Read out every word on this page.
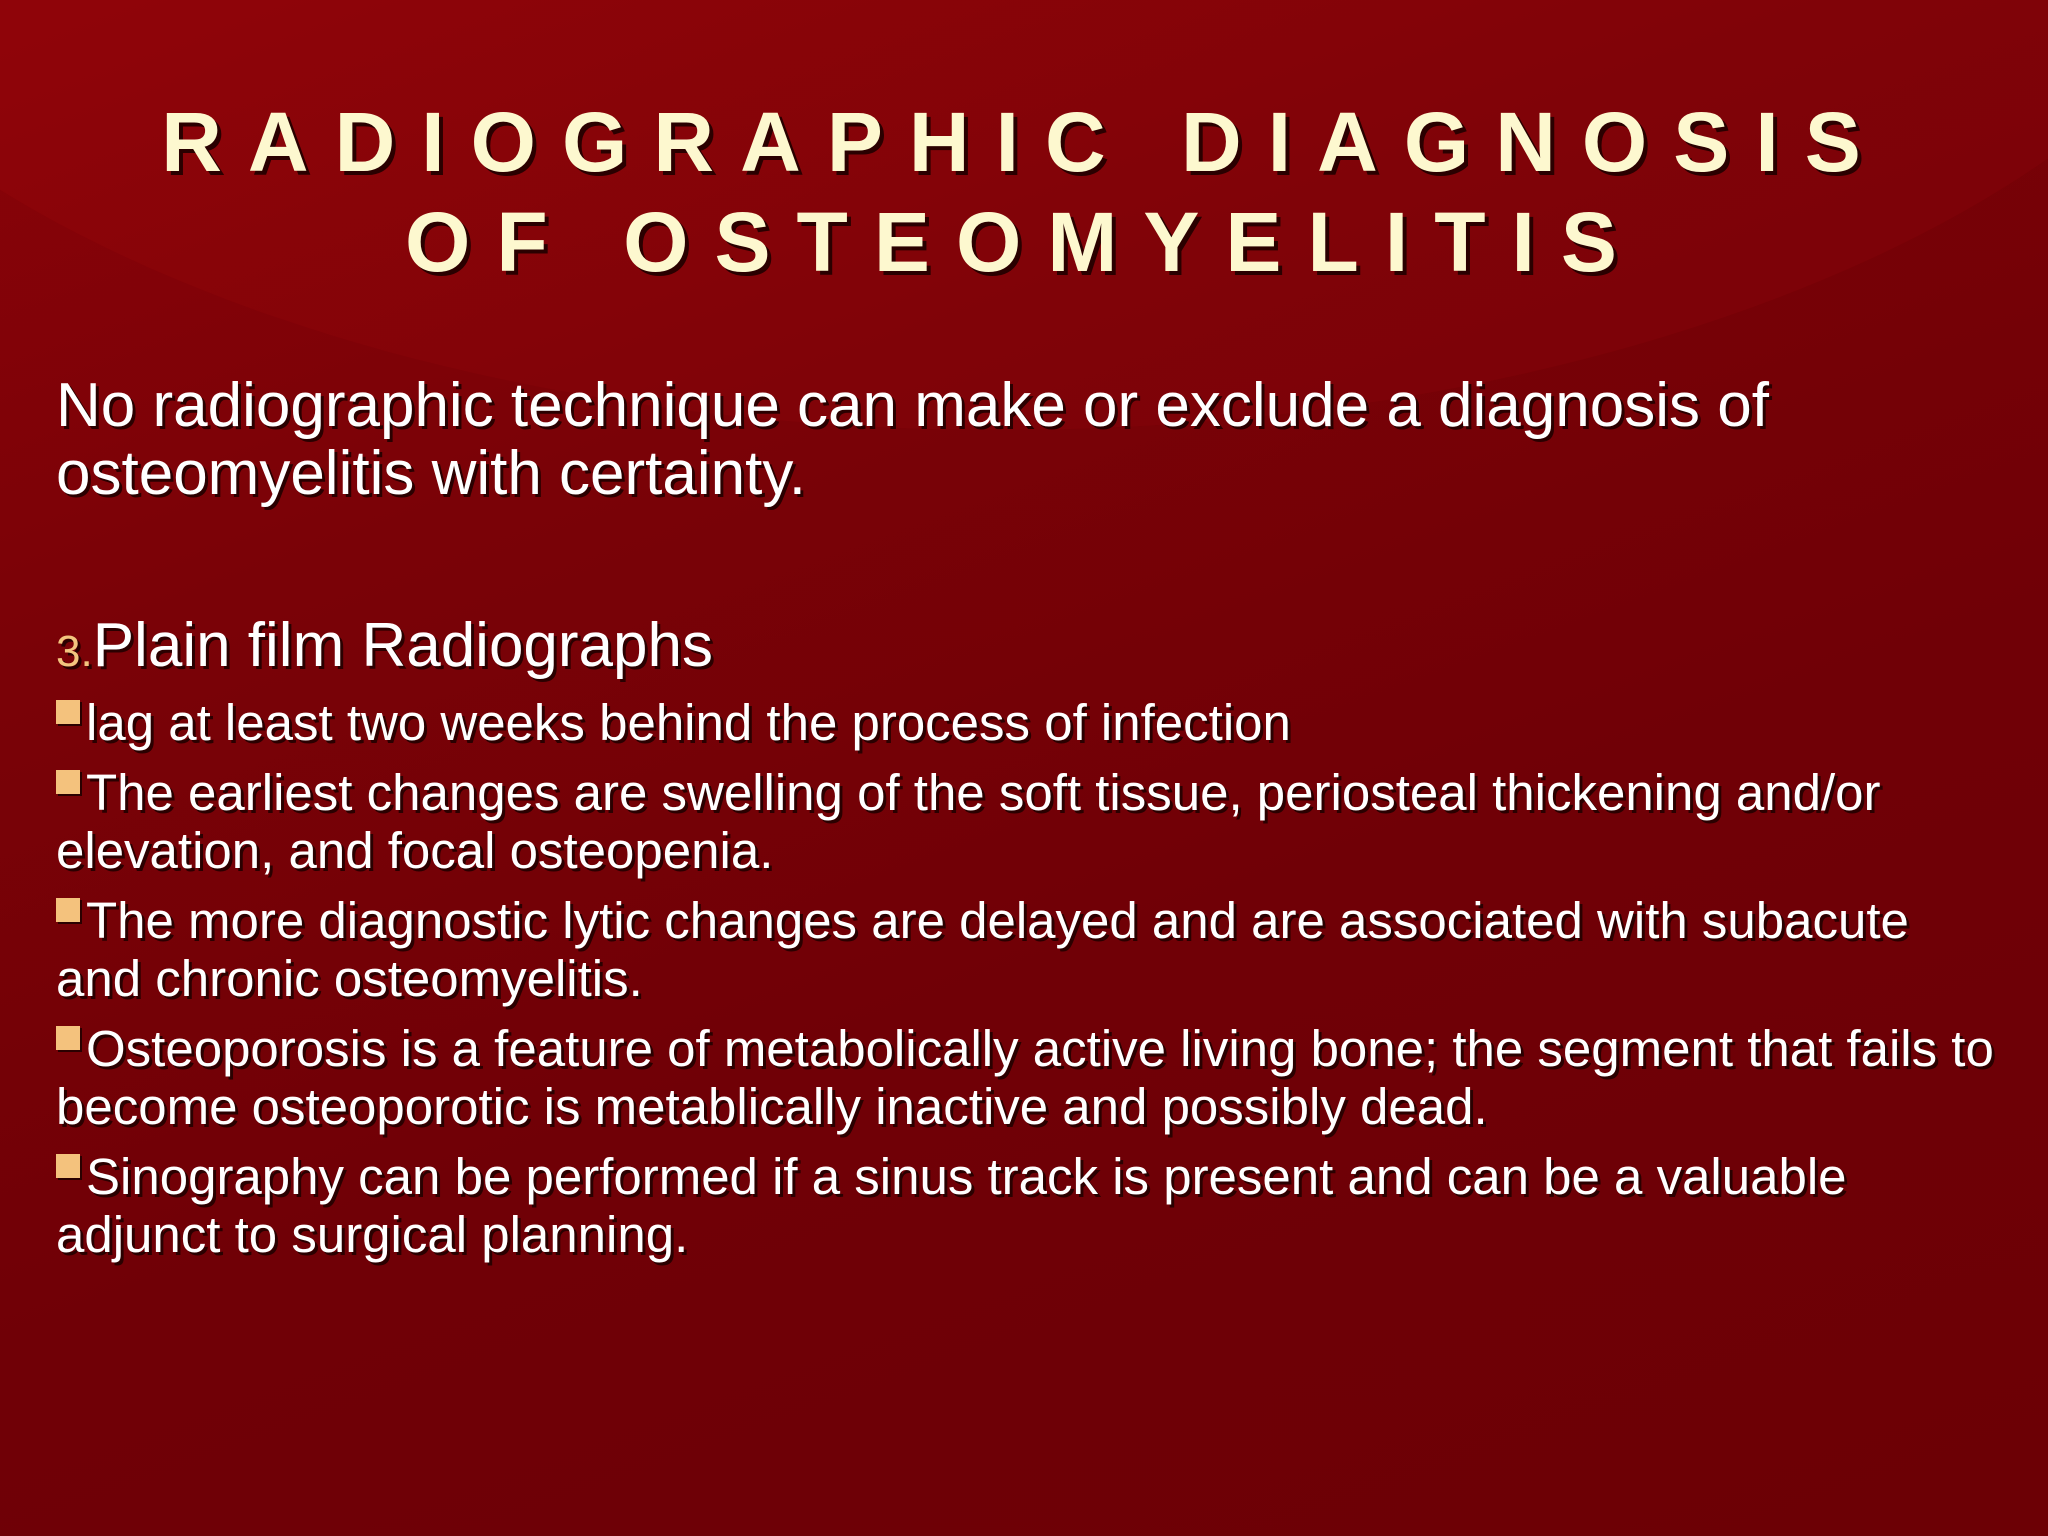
RADIOGRAPHIC DIAGNOSIS
OF OSTEOMYELITIS
No radiographic technique can make or exclude a diagnosis of osteomyelitis with certainty.
3.Plain film Radiographs
lag at least two weeks behind the process of infection
The earliest changes are swelling of the soft tissue, periosteal thickening and/or elevation, and focal osteopenia.
The more diagnostic lytic changes are delayed and are associated with subacute and chronic osteomyelitis.
Osteoporosis is a feature of metabolically active living bone; the segment that fails to become osteoporotic is metablically inactive and possibly dead.
Sinography can be performed if a sinus track is present and can be a valuable adjunct to surgical planning.
